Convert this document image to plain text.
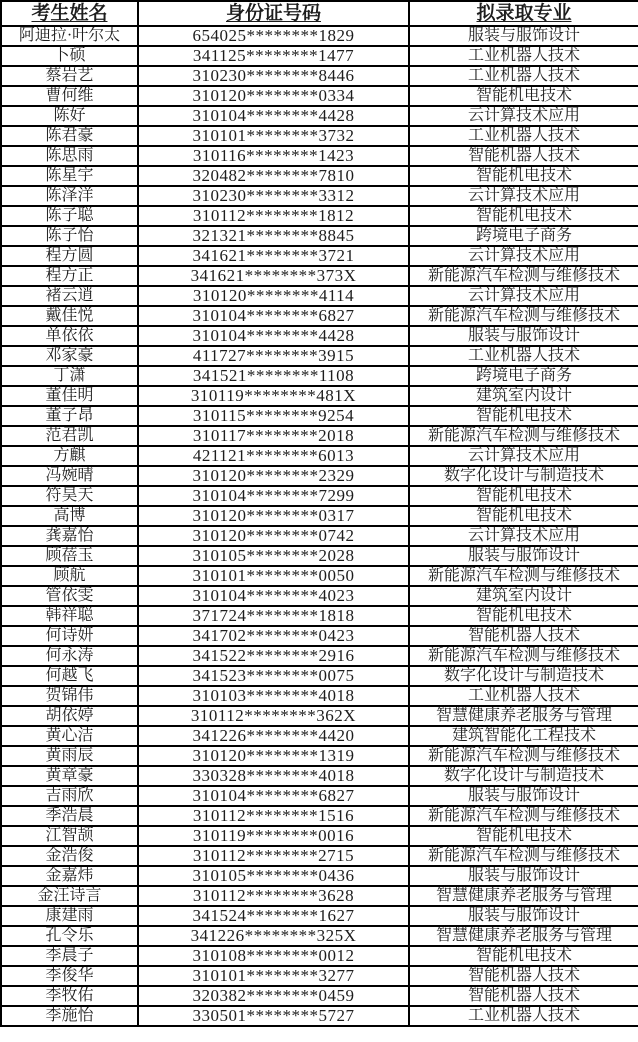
考生姓名	身份证号码	拟录取专业
阿迪拉·叶尔太	654025********1829	服装与服饰设计
卜硕	341125********1477	工业机器人技术
蔡岩艺	310230********8446	工业机器人技术
曹何维	310120********0334	智能机电技术
陈好	310104********4428	云计算技术应用
陈君豪	310101********3732	工业机器人技术
陈思雨	310116********1423	智能机器人技术
陈星宇	320482********7810	智能机电技术
陈泽洋	310230********3312	云计算技术应用
陈子聪	310112********1812	智能机电技术
陈子怡	321321********8845	跨境电子商务
程方圆	341621********3721	云计算技术应用
程方正	341621********373X	新能源汽车检测与维修技术
褚云逍	310120********4114	云计算技术应用
戴佳悦	310104********6827	新能源汽车检测与维修技术
单依依	310104********4428	服装与服饰设计
邓家豪	411727********3915	工业机器人技术
丁潇	341521********1108	跨境电子商务
董佳明	310119********481X	建筑室内设计
董子昂	310115********9254	智能机电技术
范君凯	310117********2018	新能源汽车检测与维修技术
方麒	421121********6013	云计算技术应用
冯婉晴	310120********2329	数字化设计与制造技术
符昊天	310104********7299	智能机电技术
高博	310120********0317	智能机电技术
龚嘉怡	310120********0742	云计算技术应用
顾蓓玉	310105********2028	服装与服饰设计
顾航	310101********0050	新能源汽车检测与维修技术
管依雯	310104********4023	建筑室内设计
韩祥聪	371724********1818	智能机电技术
何诗妍	341702********0423	智能机器人技术
何永涛	341522********2916	新能源汽车检测与维修技术
何越飞	341523********0075	数字化设计与制造技术
贺锦伟	310103********4018	工业机器人技术
胡依婷	310112********362X	智慧健康养老服务与管理
黄心洁	341226********4420	建筑智能化工程技术
黄雨辰	310120********1319	新能源汽车检测与维修技术
黄章豪	330328********4018	数字化设计与制造技术
吉雨欣	310104********6827	服装与服饰设计
季浩晨	310112********1516	新能源汽车检测与维修技术
江智颉	310119********0016	智能机电技术
金浩俊	310112********2715	新能源汽车检测与维修技术
金嘉炜	310105********0436	服装与服饰设计
金汪诗言	310112********3628	智慧健康养老服务与管理
康建雨	341524********1627	服装与服饰设计
孔令乐	341226********325X	智慧健康养老服务与管理
李晨子	310108********0012	智能机电技术
李俊华	310101********3277	智能机器人技术
李牧佑	320382********0459	智能机器人技术
李施怡	330501********5727	工业机器人技术
